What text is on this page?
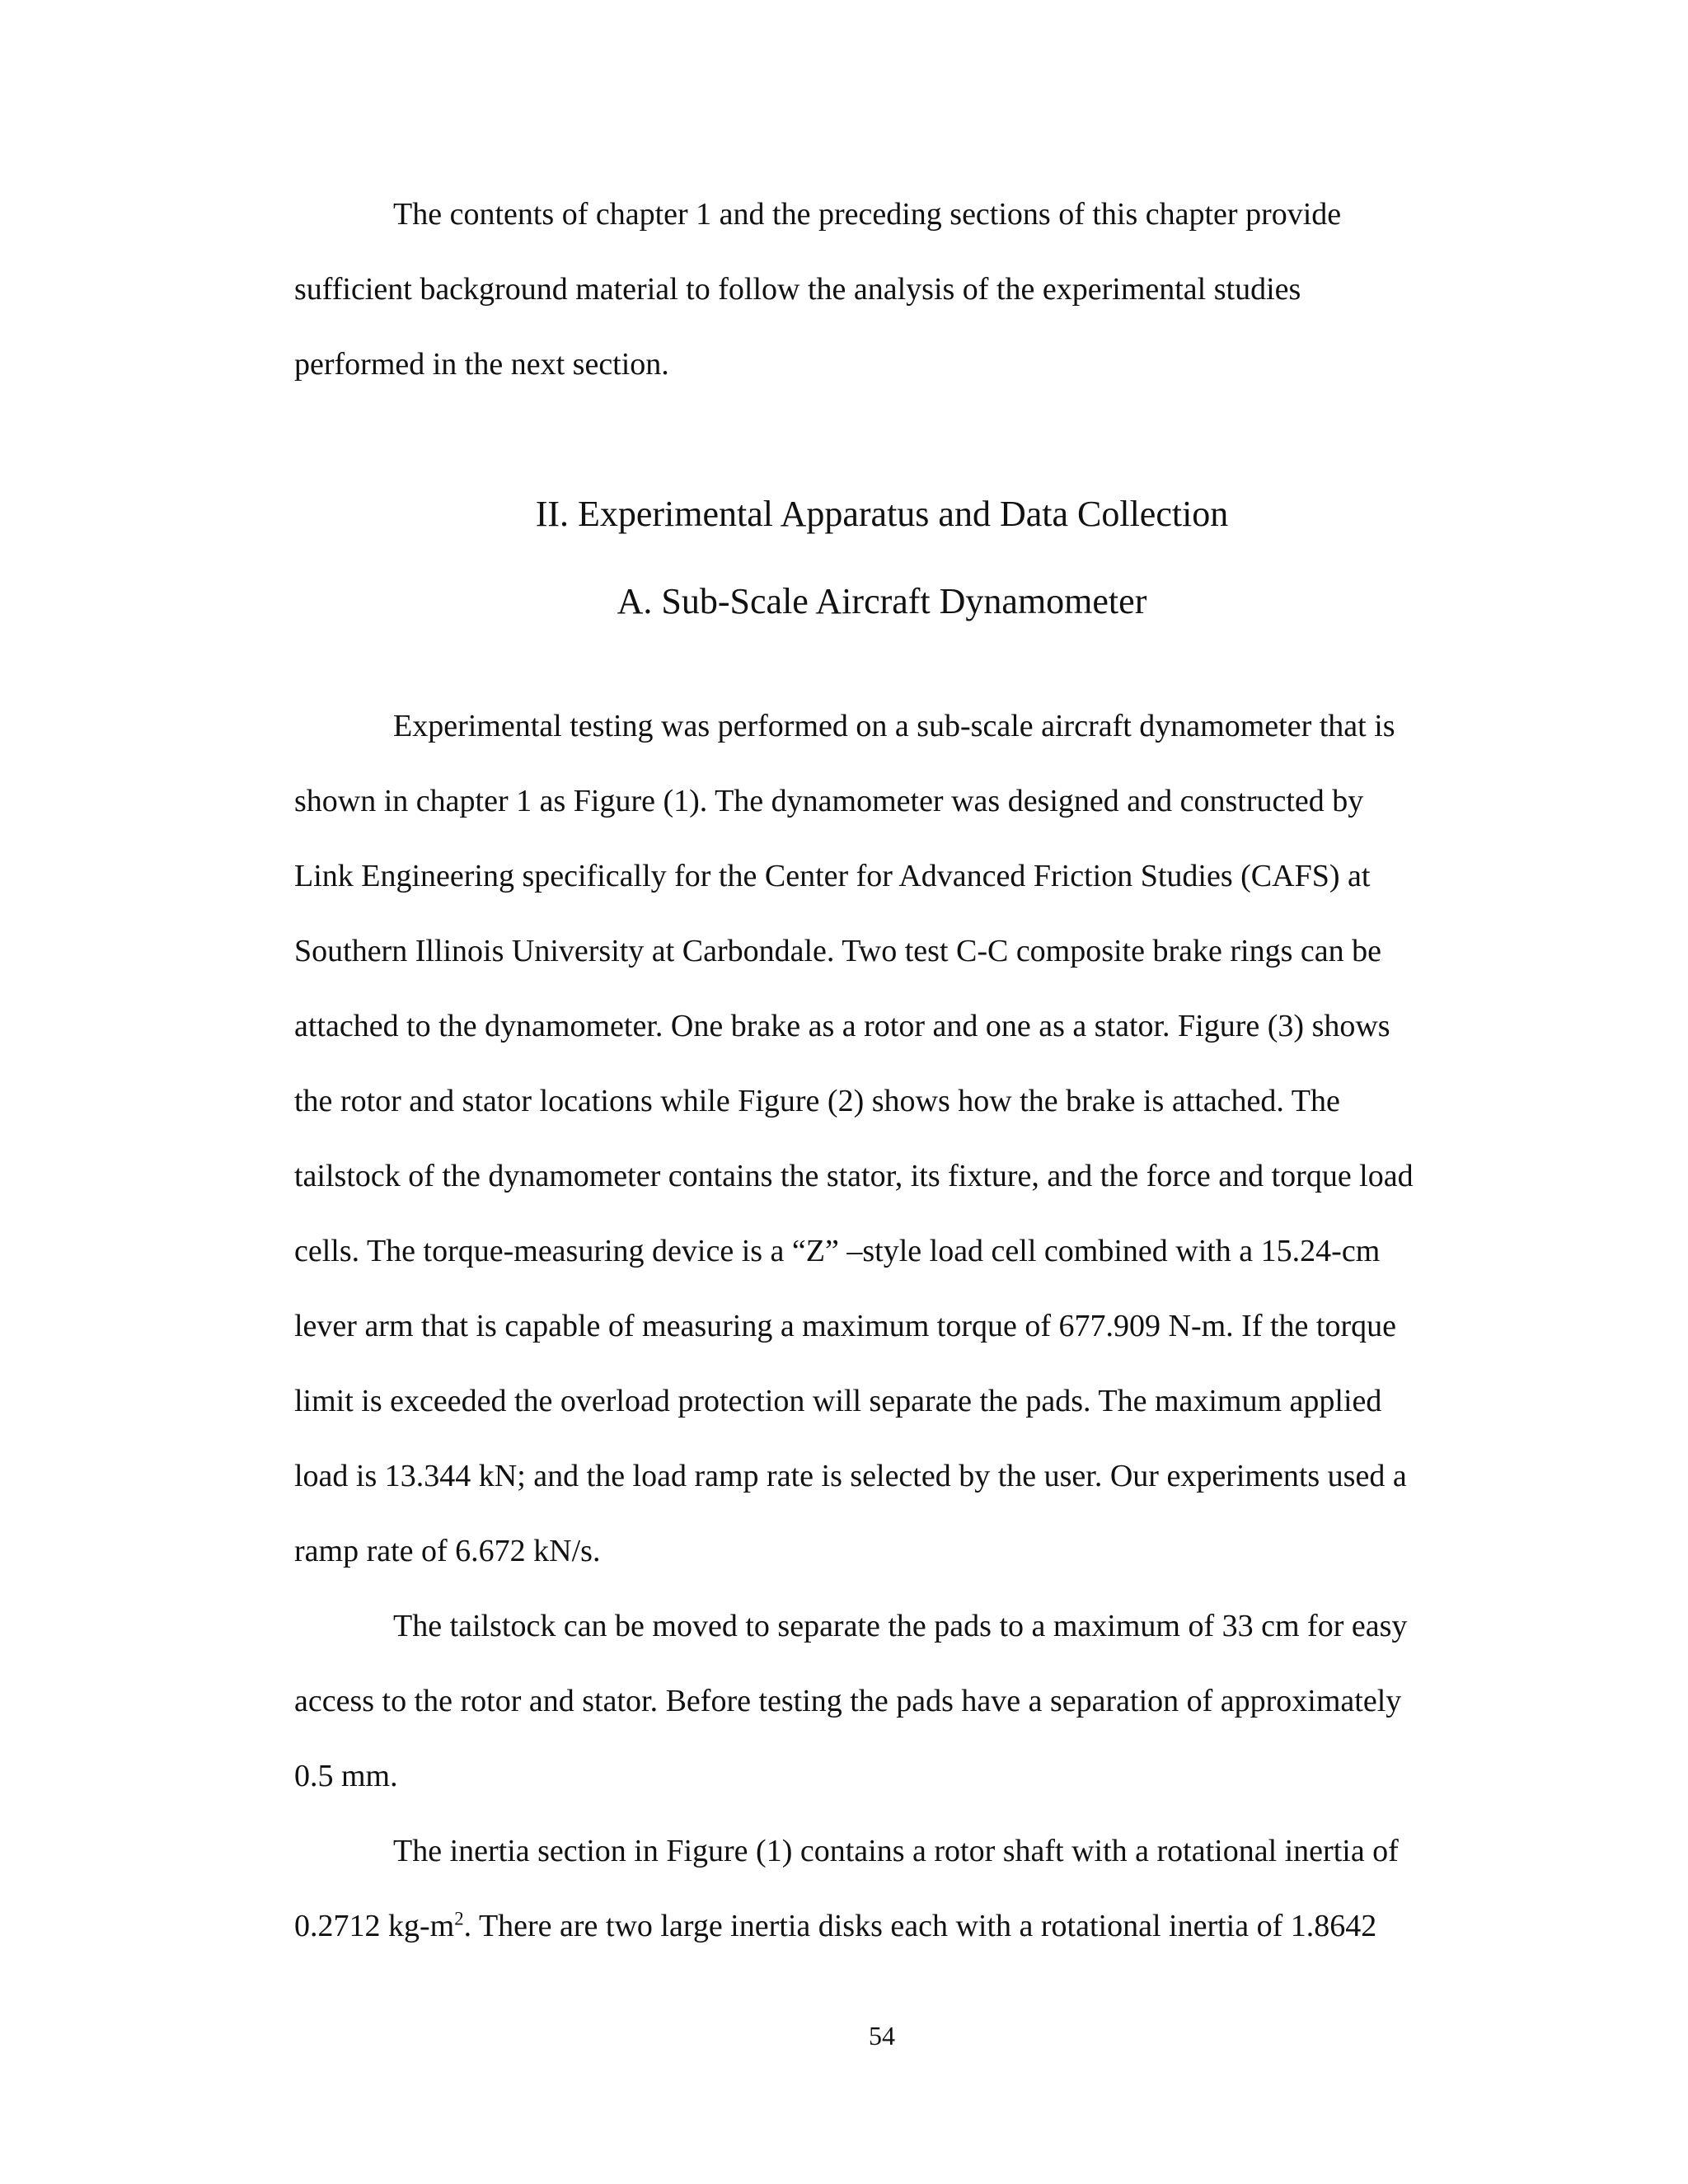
The contents of chapter 1 and the preceding sections of this chapter provide
sufficient background material to follow the analysis of the experimental studies
performed in the next section.

II. Experimental Apparatus and Data Collection
A. Sub-Scale Aircraft Dynamometer

Experimental testing was performed on a sub-scale aircraft dynamometer that is
shown in chapter 1 as Figure (1). The dynamometer was designed and constructed by
Link Engineering specifically for the Center for Advanced Friction Studies (CAFS) at
Southern Illinois University at Carbondale. Two test C-C composite brake rings can be
attached to the dynamometer. One brake as a rotor and one as a stator. Figure (3) shows
the rotor and stator locations while Figure (2) shows how the brake is attached. The
tailstock of the dynamometer contains the stator, its fixture, and the force and torque load
cells. The torque-measuring device is a “Z” –style load cell combined with a 15.24-cm
lever arm that is capable of measuring a maximum torque of 677.909 N-m. If the torque
limit is exceeded the overload protection will separate the pads. The maximum applied
load is 13.344 kN; and the load ramp rate is selected by the user. Our experiments used a
ramp rate of 6.672 kN/s.

The tailstock can be moved to separate the pads to a maximum of 33 cm for easy
access to the rotor and stator. Before testing the pads have a separation of approximately
0.5 mm.

The inertia section in Figure (1) contains a rotor shaft with a rotational inertia of
0.2712 $kg-m^2$. There are two large inertia disks each with a rotational inertia of 1.8642

54
